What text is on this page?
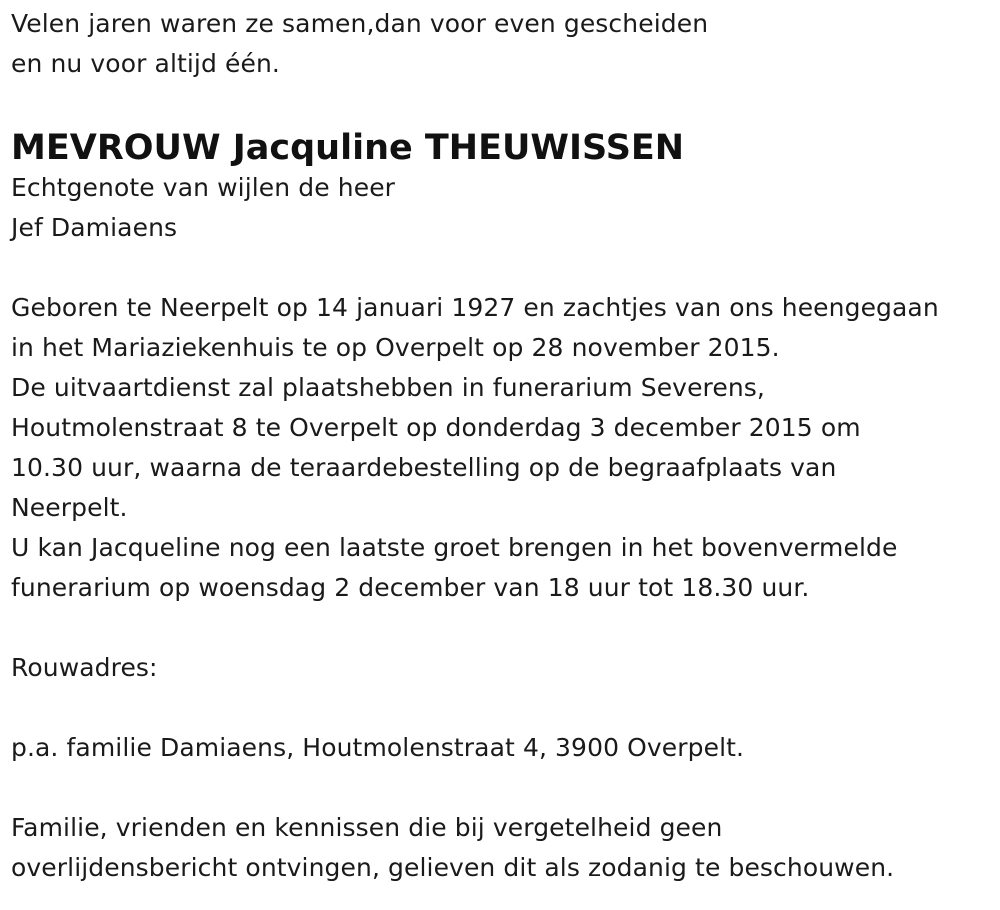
Velen jaren waren ze samen,dan voor even gescheiden
en nu voor altijd één.
MEVROUW Jacquline THEUWISSEN
Echtgenote van wijlen de heer
Jef Damiaens
Geboren te Neerpelt op 14 januari 1927 en zachtjes van ons heengegaan
in het Mariaziekenhuis te op Overpelt op 28 november 2015.
De uitvaartdienst zal plaatshebben in funerarium Severens,
Houtmolenstraat 8 te Overpelt op donderdag 3 december 2015 om
10.30 uur, waarna de teraardebestelling op de begraafplaats van
Neerpelt.
U kan Jacqueline nog een laatste groet brengen in het bovenvermelde
funerarium op woensdag 2 december van 18 uur tot 18.30 uur.
Rouwadres:
p.a. familie Damiaens, Houtmolenstraat 4, 3900 Overpelt.
Familie, vrienden en kennissen die bij vergetelheid geen
overlijdensbericht ontvingen, gelieven dit als zodanig te beschouwen.
